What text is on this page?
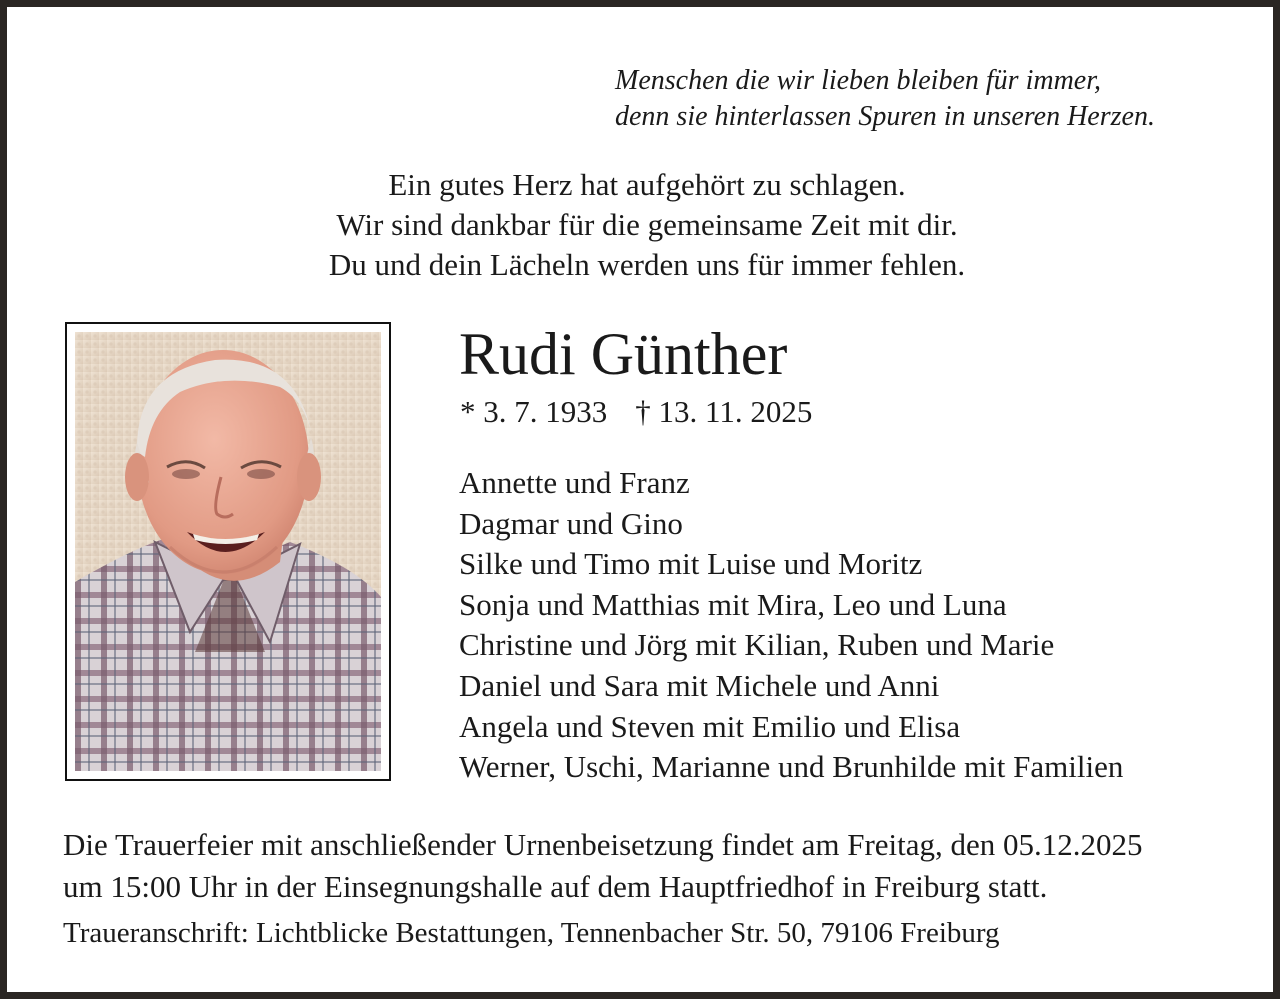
Menschen die wir lieben bleiben für immer,
denn sie hinterlassen Spuren in unseren Herzen.
Ein gutes Herz hat aufgehört zu schlagen.
Wir sind dankbar für die gemeinsame Zeit mit dir.
Du und dein Lächeln werden uns für immer fehlen.
Rudi Günther
* 3. 7. 1933 † 13. 11. 2025
Annette und Franz
Dagmar und Gino
Silke und Timo mit Luise und Moritz
Sonja und Matthias mit Mira, Leo und Luna
Christine und Jörg mit Kilian, Ruben und Marie
Daniel und Sara mit Michele und Anni
Angela und Steven mit Emilio und Elisa
Werner, Uschi, Marianne und Brunhilde mit Familien
Die Trauerfeier mit anschließender Urnenbeisetzung findet am Freitag, den 05.12.2025
um 15:00 Uhr in der Einsegnungshalle auf dem Hauptfriedhof in Freiburg statt.
Traueranschrift: Lichtblicke Bestattungen, Tennenbacher Str. 50, 79106 Freiburg
